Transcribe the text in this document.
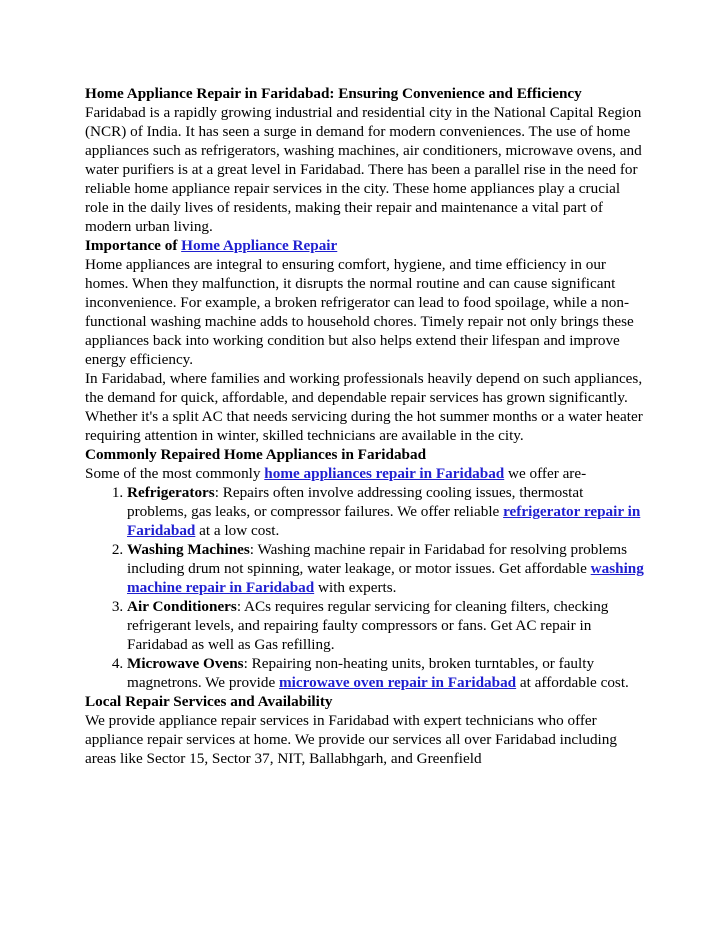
Home Appliance Repair in Faridabad: Ensuring Convenience and Efficiency

Faridabad is a rapidly growing industrial and residential city in the National Capital Region (NCR) of India. It has seen a surge in demand for modern conveniences. The use of home appliances such as refrigerators, washing machines, air conditioners, microwave ovens, and water purifiers is at a great level in Faridabad. There has been a parallel rise in the need for reliable home appliance repair services in the city. These home appliances play a crucial role in the daily lives of residents, making their repair and maintenance a vital part of modern urban living.

Importance of Home Appliance Repair

Home appliances are integral to ensuring comfort, hygiene, and time efficiency in our homes. When they malfunction, it disrupts the normal routine and can cause significant inconvenience. For example, a broken refrigerator can lead to food spoilage, while a non-functional washing machine adds to household chores. Timely repair not only brings these appliances back into working condition but also helps extend their lifespan and improve energy efficiency.

In Faridabad, where families and working professionals heavily depend on such appliances, the demand for quick, affordable, and dependable repair services has grown significantly. Whether it's a split AC that needs servicing during the hot summer months or a water heater requiring attention in winter, skilled technicians are available in the city.

Commonly Repaired Home Appliances in Faridabad

Some of the most commonly home appliances repair in Faridabad we offer are-

1. Refrigerators: Repairs often involve addressing cooling issues, thermostat problems, gas leaks, or compressor failures. We offer reliable refrigerator repair in Faridabad at a low cost.
2. Washing Machines: Washing machine repair in Faridabad for resolving problems including drum not spinning, water leakage, or motor issues. Get affordable washing machine repair in Faridabad with experts.
3. Air Conditioners: ACs requires regular servicing for cleaning filters, checking refrigerant levels, and repairing faulty compressors or fans. Get AC repair in Faridabad as well as Gas refilling.
4. Microwave Ovens: Repairing non-heating units, broken turntables, or faulty magnetrons. We provide microwave oven repair in Faridabad at affordable cost.
Local Repair Services and Availability

We provide appliance repair services in Faridabad with expert technicians who offer appliance repair services at home. We provide our services all over Faridabad including areas like Sector 15, Sector 37, NIT, Ballabhgarh, and Greenfield
